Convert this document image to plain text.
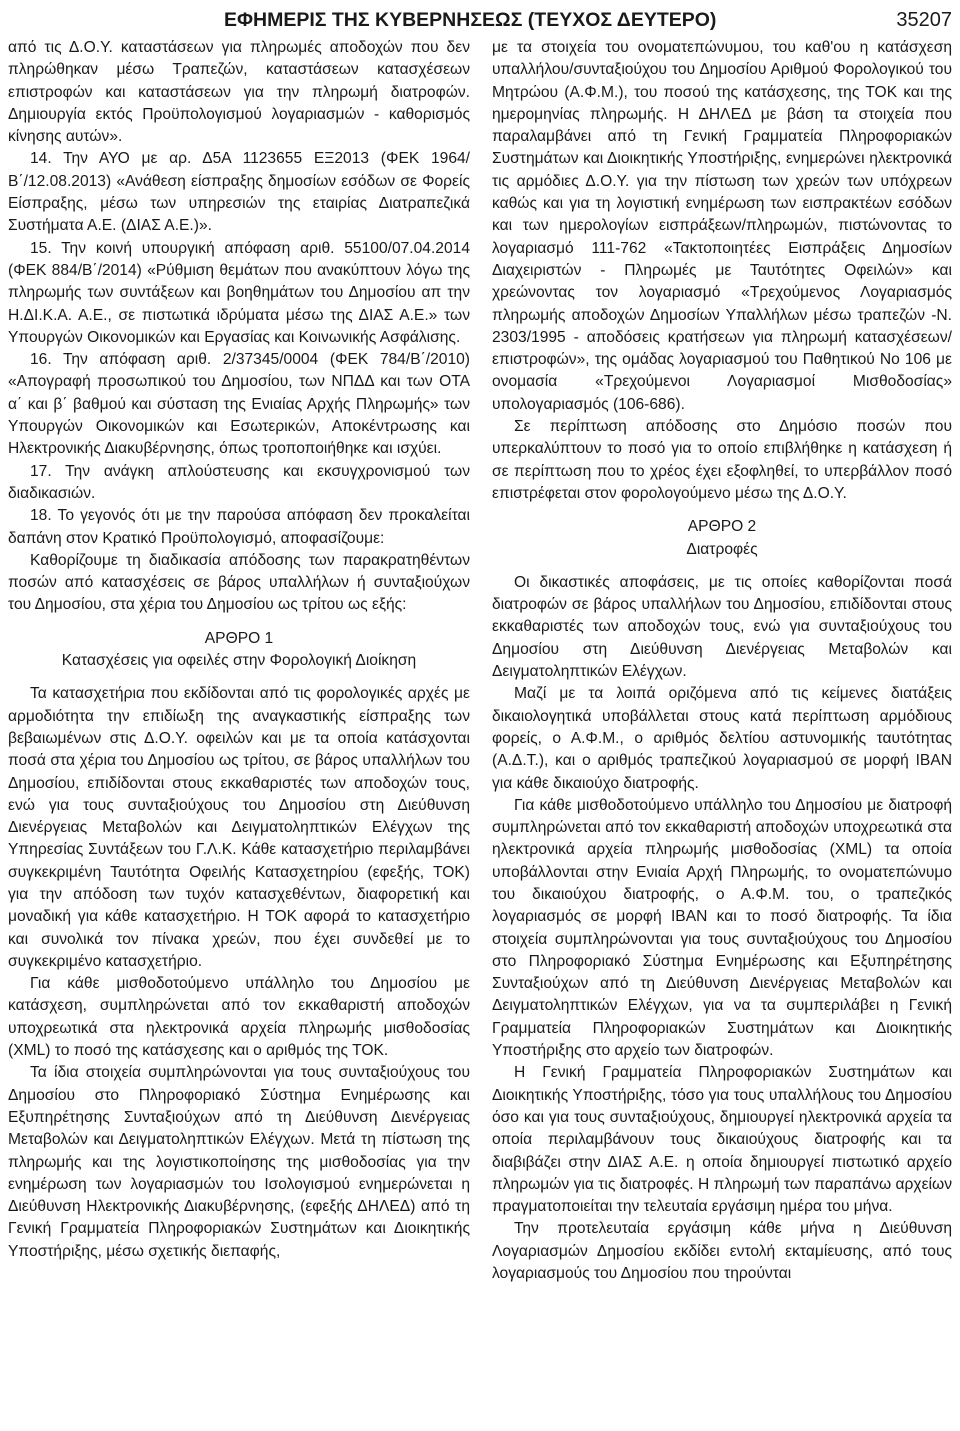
ΕΦΗΜΕΡΙΣ ΤΗΣ ΚΥΒΕΡΝΗΣΕΩΣ (ΤΕΥΧΟΣ ΔΕΥΤΕΡΟ)	35207

από τις Δ.Ο.Υ. καταστάσεων για πληρωμές αποδοχών που δεν πληρώθηκαν μέσω Τραπεζών, καταστάσεων κατασχέσεων επιστροφών και καταστάσεων για την πληρωμή διατροφών. Δημιουργία εκτός Προϋπολογισμού λογαριασμών - καθορισμός κίνησης αυτών».

14. Την ΑΥΟ με αρ. Δ5Α 1123655 ΕΞ2013 (ΦΕΚ 1964/Β΄/12.08.2013) «Ανάθεση είσπραξης δημοσίων εσόδων σε Φορείς Είσπραξης, μέσω των υπηρεσιών της εταιρίας Διατραπεζικά Συστήματα Α.Ε. (ΔΙΑΣ Α.Ε.)».

15. Την κοινή υπουργική απόφαση αριθ. 55100/07.04.2014 (ΦΕΚ 884/Β΄/2014) «Ρύθμιση θεμάτων που ανακύπτουν λόγω της πληρωμής των συντάξεων και βοηθημάτων του Δημοσίου απ την Η.ΔΙ.Κ.Α. Α.Ε., σε πιστωτικά ιδρύματα μέσω της ΔΙΑΣ Α.Ε.» των Υπουργών Οικονομικών και Εργασίας και Κοινωνικής Ασφάλισης.

16. Την απόφαση αριθ. 2/37345/0004 (ΦΕΚ 784/Β΄/2010) «Απογραφή προσωπικού του Δημοσίου, των ΝΠΔΔ και των ΟΤΑ α΄ και β΄ βαθμού και σύσταση της Ενιαίας Αρχής Πληρωμής» των Υπουργών Οικονομικών και Εσωτερικών, Αποκέντρωσης και Ηλεκτρονικής Διακυβέρνησης, όπως τροποποιήθηκε και ισχύει.

17. Την ανάγκη απλούστευσης και εκσυγχρονισμού των διαδικασιών.

18. Το γεγονός ότι με την παρούσα απόφαση δεν προκαλείται δαπάνη στον Κρατικό Προϋπολογισμό, αποφασίζουμε:

Καθορίζουμε τη διαδικασία απόδοσης των παρακρατηθέντων ποσών από κατασχέσεις σε βάρος υπαλλήλων ή συνταξιούχων του Δημοσίου, στα χέρια του Δημοσίου ως τρίτου ως εξής:

ΑΡΘΡΟ 1

Κατασχέσεις για οφειλές στην Φορολογική Διοίκηση

Τα κατασχετήρια που εκδίδονται από τις φορολογικές αρχές με αρμοδιότητα την επιδίωξη της αναγκαστικής είσπραξης των βεβαιωμένων στις Δ.Ο.Υ. οφειλών και με τα οποία κατάσχονται ποσά στα χέρια του Δημοσίου ως τρίτου, σε βάρος υπαλλήλων του Δημοσίου, επιδίδονται στους εκκαθαριστές των αποδοχών τους, ενώ για τους συνταξιούχους του Δημοσίου στη Διεύθυνση Διενέργειας Μεταβολών και Δειγματοληπτικών Ελέγχων της Υπηρεσίας Συντάξεων του Γ.Λ.Κ. Κάθε κατασχετήριο περιλαμβάνει συγκεκριμένη Ταυτότητα Οφειλής Κατασχετηρίου (εφεξής, ΤΟΚ) για την απόδοση των τυχόν κατασχεθέντων, διαφορετική και μοναδική για κάθε κατασχετήριο. Η ΤΟΚ αφορά το κατασχετήριο και συνολικά τον πίνακα χρεών, που έχει συνδεθεί με το συγκεκριμένο κατασχετήριο.

Για κάθε μισθοδοτούμενο υπάλληλο του Δημοσίου με κατάσχεση, συμπληρώνεται από τον εκκαθαριστή αποδοχών υποχρεωτικά στα ηλεκτρονικά αρχεία πληρωμής μισθοδοσίας (XML) το ποσό της κατάσχεσης και ο αριθμός της ΤΟΚ.

Τα ίδια στοιχεία συμπληρώνονται για τους συνταξιούχους του Δημοσίου στο Πληροφοριακό Σύστημα Ενημέρωσης και Εξυπηρέτησης Συνταξιούχων από τη Διεύθυνση Διενέργειας Μεταβολών και Δειγματοληπτικών Ελέγχων. Μετά τη πίστωση της πληρωμής και της λογιστικοποίησης της μισθοδοσίας για την ενημέρωση των λογαριασμών του Ισολογισμού ενημερώνεται η Διεύθυνση Ηλεκτρονικής Διακυβέρνησης, (εφεξής ΔΗΛΕΔ) από τη Γενική Γραμματεία Πληροφοριακών Συστημάτων και Διοικητικής Υποστήριξης, μέσω σχετικής διεπαφής,

με τα στοιχεία του ονοματεπώνυμου, του καθ'ου η κατάσχεση υπαλλήλου/συνταξιούχου του Δημοσίου Αριθμού Φορολογικού του Μητρώου (Α.Φ.Μ.), του ποσού της κατάσχεσης, της ΤΟΚ και της ημερομηνίας πληρωμής. Η ΔΗΛΕΔ με βάση τα στοιχεία που παραλαμβάνει από τη Γενική Γραμματεία Πληροφοριακών Συστημάτων και Διοικητικής Υποστήριξης, ενημερώνει ηλεκτρονικά τις αρμόδιες Δ.Ο.Υ. για την πίστωση των χρεών των υπόχρεων καθώς και για τη λογιστική ενημέρωση των εισπρακτέων εσόδων και των ημερολογίων εισπράξεων/πληρωμών, πιστώνοντας το λογαριασμό 111-762 «Τακτοποιητέες Εισπράξεις Δημοσίων Διαχειριστών - Πληρωμές με Ταυτότητες Οφειλών» και χρεώνοντας τον λογαριασμό «Τρεχούμενος Λογαριασμός πληρωμής αποδοχών Δημοσίων Υπαλλήλων μέσω τραπεζών -Ν. 2303/1995 - αποδόσεις κρατήσεων για πληρωμή κατασχέσεων/επιστροφών», της ομάδας λογαριασμού του Παθητικού Νο 106 με ονομασία «Τρεχούμενοι Λογαριασμοί Μισθοδοσίας» υπολογαριασμός (106-686).

Σε περίπτωση απόδοσης στο Δημόσιο ποσών που υπερκαλύπτουν το ποσό για το οποίο επιβλήθηκε η κατάσχεση ή σε περίπτωση που το χρέος έχει εξοφληθεί, το υπερβάλλον ποσό επιστρέφεται στον φορολογούμενο μέσω της Δ.Ο.Υ.

ΑΡΘΡΟ 2

Διατροφές

Οι δικαστικές αποφάσεις, με τις οποίες καθορίζονται ποσά διατροφών σε βάρος υπαλλήλων του Δημοσίου, επιδίδονται στους εκκαθαριστές των αποδοχών τους, ενώ για συνταξιούχους του Δημοσίου στη Διεύθυνση Διενέργειας Μεταβολών και Δειγματοληπτικών Ελέγχων.

Μαζί με τα λοιπά οριζόμενα από τις κείμενες διατάξεις δικαιολογητικά υποβάλλεται στους κατά περίπτωση αρμόδιους φορείς, ο Α.Φ.Μ., ο αριθμός δελτίου αστυνομικής ταυτότητας (Α.Δ.Τ.), και ο αριθμός τραπεζικού λογαριασμού σε μορφή ΙΒΑΝ για κάθε δικαιούχο διατροφής.

Για κάθε μισθοδοτούμενο υπάλληλο του Δημοσίου με διατροφή συμπληρώνεται από τον εκκαθαριστή αποδοχών υποχρεωτικά στα ηλεκτρονικά αρχεία πληρωμής μισθοδοσίας (XML) τα οποία υποβάλλονται στην Ενιαία Αρχή Πληρωμής, το ονοματεπώνυμο του δικαιούχου διατροφής, ο Α.Φ.Μ. του, ο τραπεζικός λογαριασμός σε μορφή ΙΒΑΝ και το ποσό διατροφής. Τα ίδια στοιχεία συμπληρώνονται για τους συνταξιούχους του Δημοσίου στο Πληροφοριακό Σύστημα Ενημέρωσης και Εξυπηρέτησης Συνταξιούχων από τη Διεύθυνση Διενέργειας Μεταβολών και Δειγματοληπτικών Ελέγχων, για να τα συμπεριλάβει η Γενική Γραμματεία Πληροφοριακών Συστημάτων και Διοικητικής Υποστήριξης στο αρχείο των διατροφών.

Η Γενική Γραμματεία Πληροφοριακών Συστημάτων και Διοικητικής Υποστήριξης, τόσο για τους υπαλλήλους του Δημοσίου όσο και για τους συνταξιούχους, δημιουργεί ηλεκτρονικά αρχεία τα οποία περιλαμβάνουν τους δικαιούχους διατροφής και τα διαβιβάζει στην ΔΙΑΣ Α.Ε. η οποία δημιουργεί πιστωτικό αρχείο πληρωμών για τις διατροφές. Η πληρωμή των παραπάνω αρχείων πραγματοποιείται την τελευταία εργάσιμη ημέρα του μήνα.

Την προτελευταία εργάσιμη κάθε μήνα η Διεύθυνση Λογαριασμών Δημοσίου εκδίδει εντολή εκταμίευσης, από τους λογαριασμούς του Δημοσίου που τηρούνται
